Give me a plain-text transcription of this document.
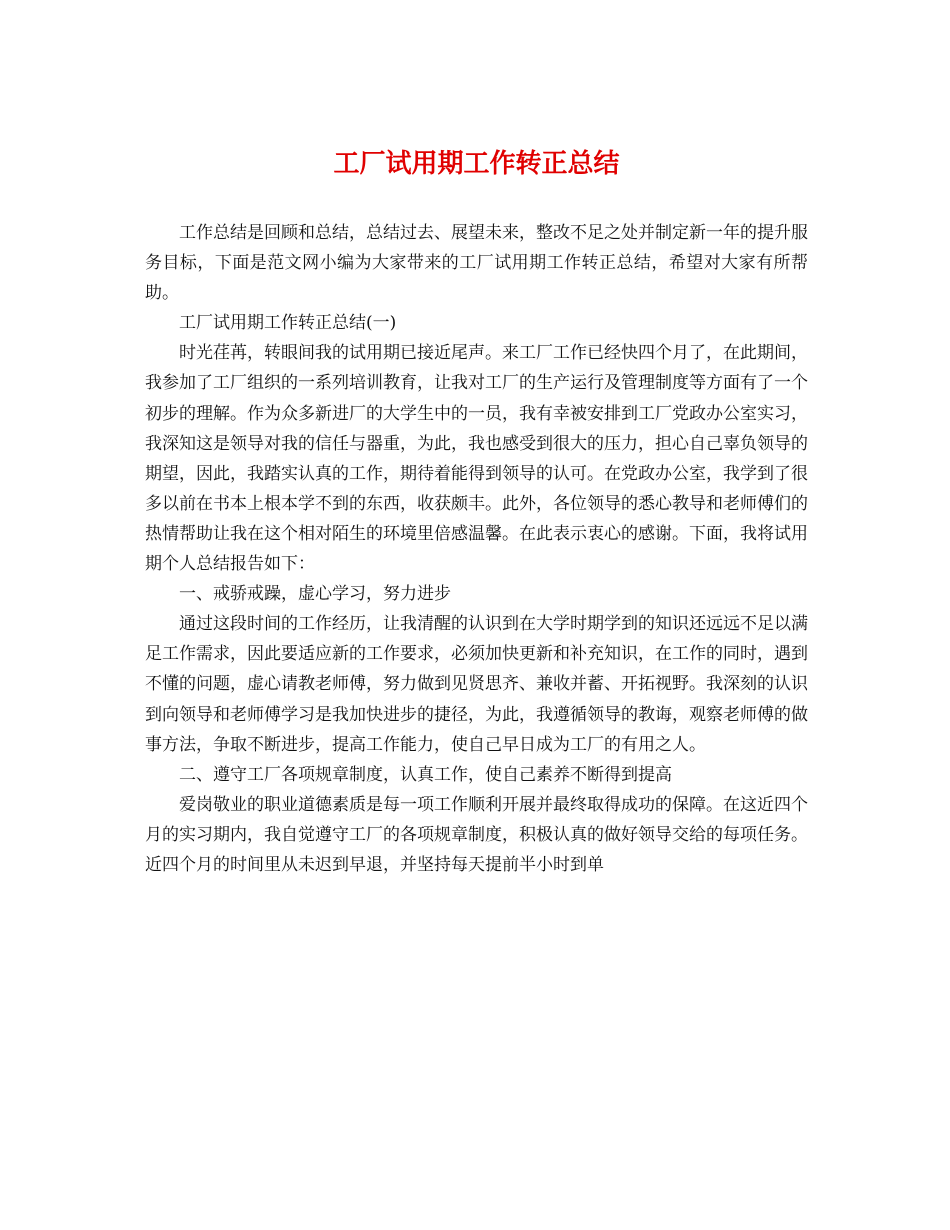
工厂试用期工作转正总结

工作总结是回顾和总结，总结过去、展望未来，整改不足之处并制定新一年的提升服务目标，下面是范文网小编为大家带来的工厂试用期工作转正总结，希望对大家有所帮助。

工厂试用期工作转正总结(一)

时光荏苒，转眼间我的试用期已接近尾声。来工厂工作已经快四个月了，在此期间，我参加了工厂组织的一系列培训教育，让我对工厂的生产运行及管理制度等方面有了一个初步的理解。作为众多新进厂的大学生中的一员，我有幸被安排到工厂党政办公室实习，我深知这是领导对我的信任与器重，为此，我也感受到很大的压力，担心自己辜负领导的期望，因此，我踏实认真的工作，期待着能得到领导的认可。在党政办公室，我学到了很多以前在书本上根本学不到的东西，收获颇丰。此外，各位领导的悉心教导和老师傅们的热情帮助让我在这个相对陌生的环境里倍感温馨。在此表示衷心的感谢。下面，我将试用期个人总结报告如下：

一、戒骄戒躁，虚心学习，努力进步

通过这段时间的工作经历，让我清醒的认识到在大学时期学到的知识还远远不足以满足工作需求，因此要适应新的工作要求，必须加快更新和补充知识，在工作的同时，遇到不懂的问题，虚心请教老师傅，努力做到见贤思齐、兼收并蓄、开拓视野。我深刻的认识到向领导和老师傅学习是我加快进步的捷径，为此，我遵循领导的教诲，观察老师傅的做事方法，争取不断进步，提高工作能力，使自己早日成为工厂的有用之人。

二、遵守工厂各项规章制度，认真工作，使自己素养不断得到提高

爱岗敬业的职业道德素质是每一项工作顺利开展并最终取得成功的保障。在这近四个月的实习期内，我自觉遵守工厂的各项规章制度，积极认真的做好领导交给的每项任务。近四个月的时间里从未迟到早退，并坚持每天提前半小时到单
